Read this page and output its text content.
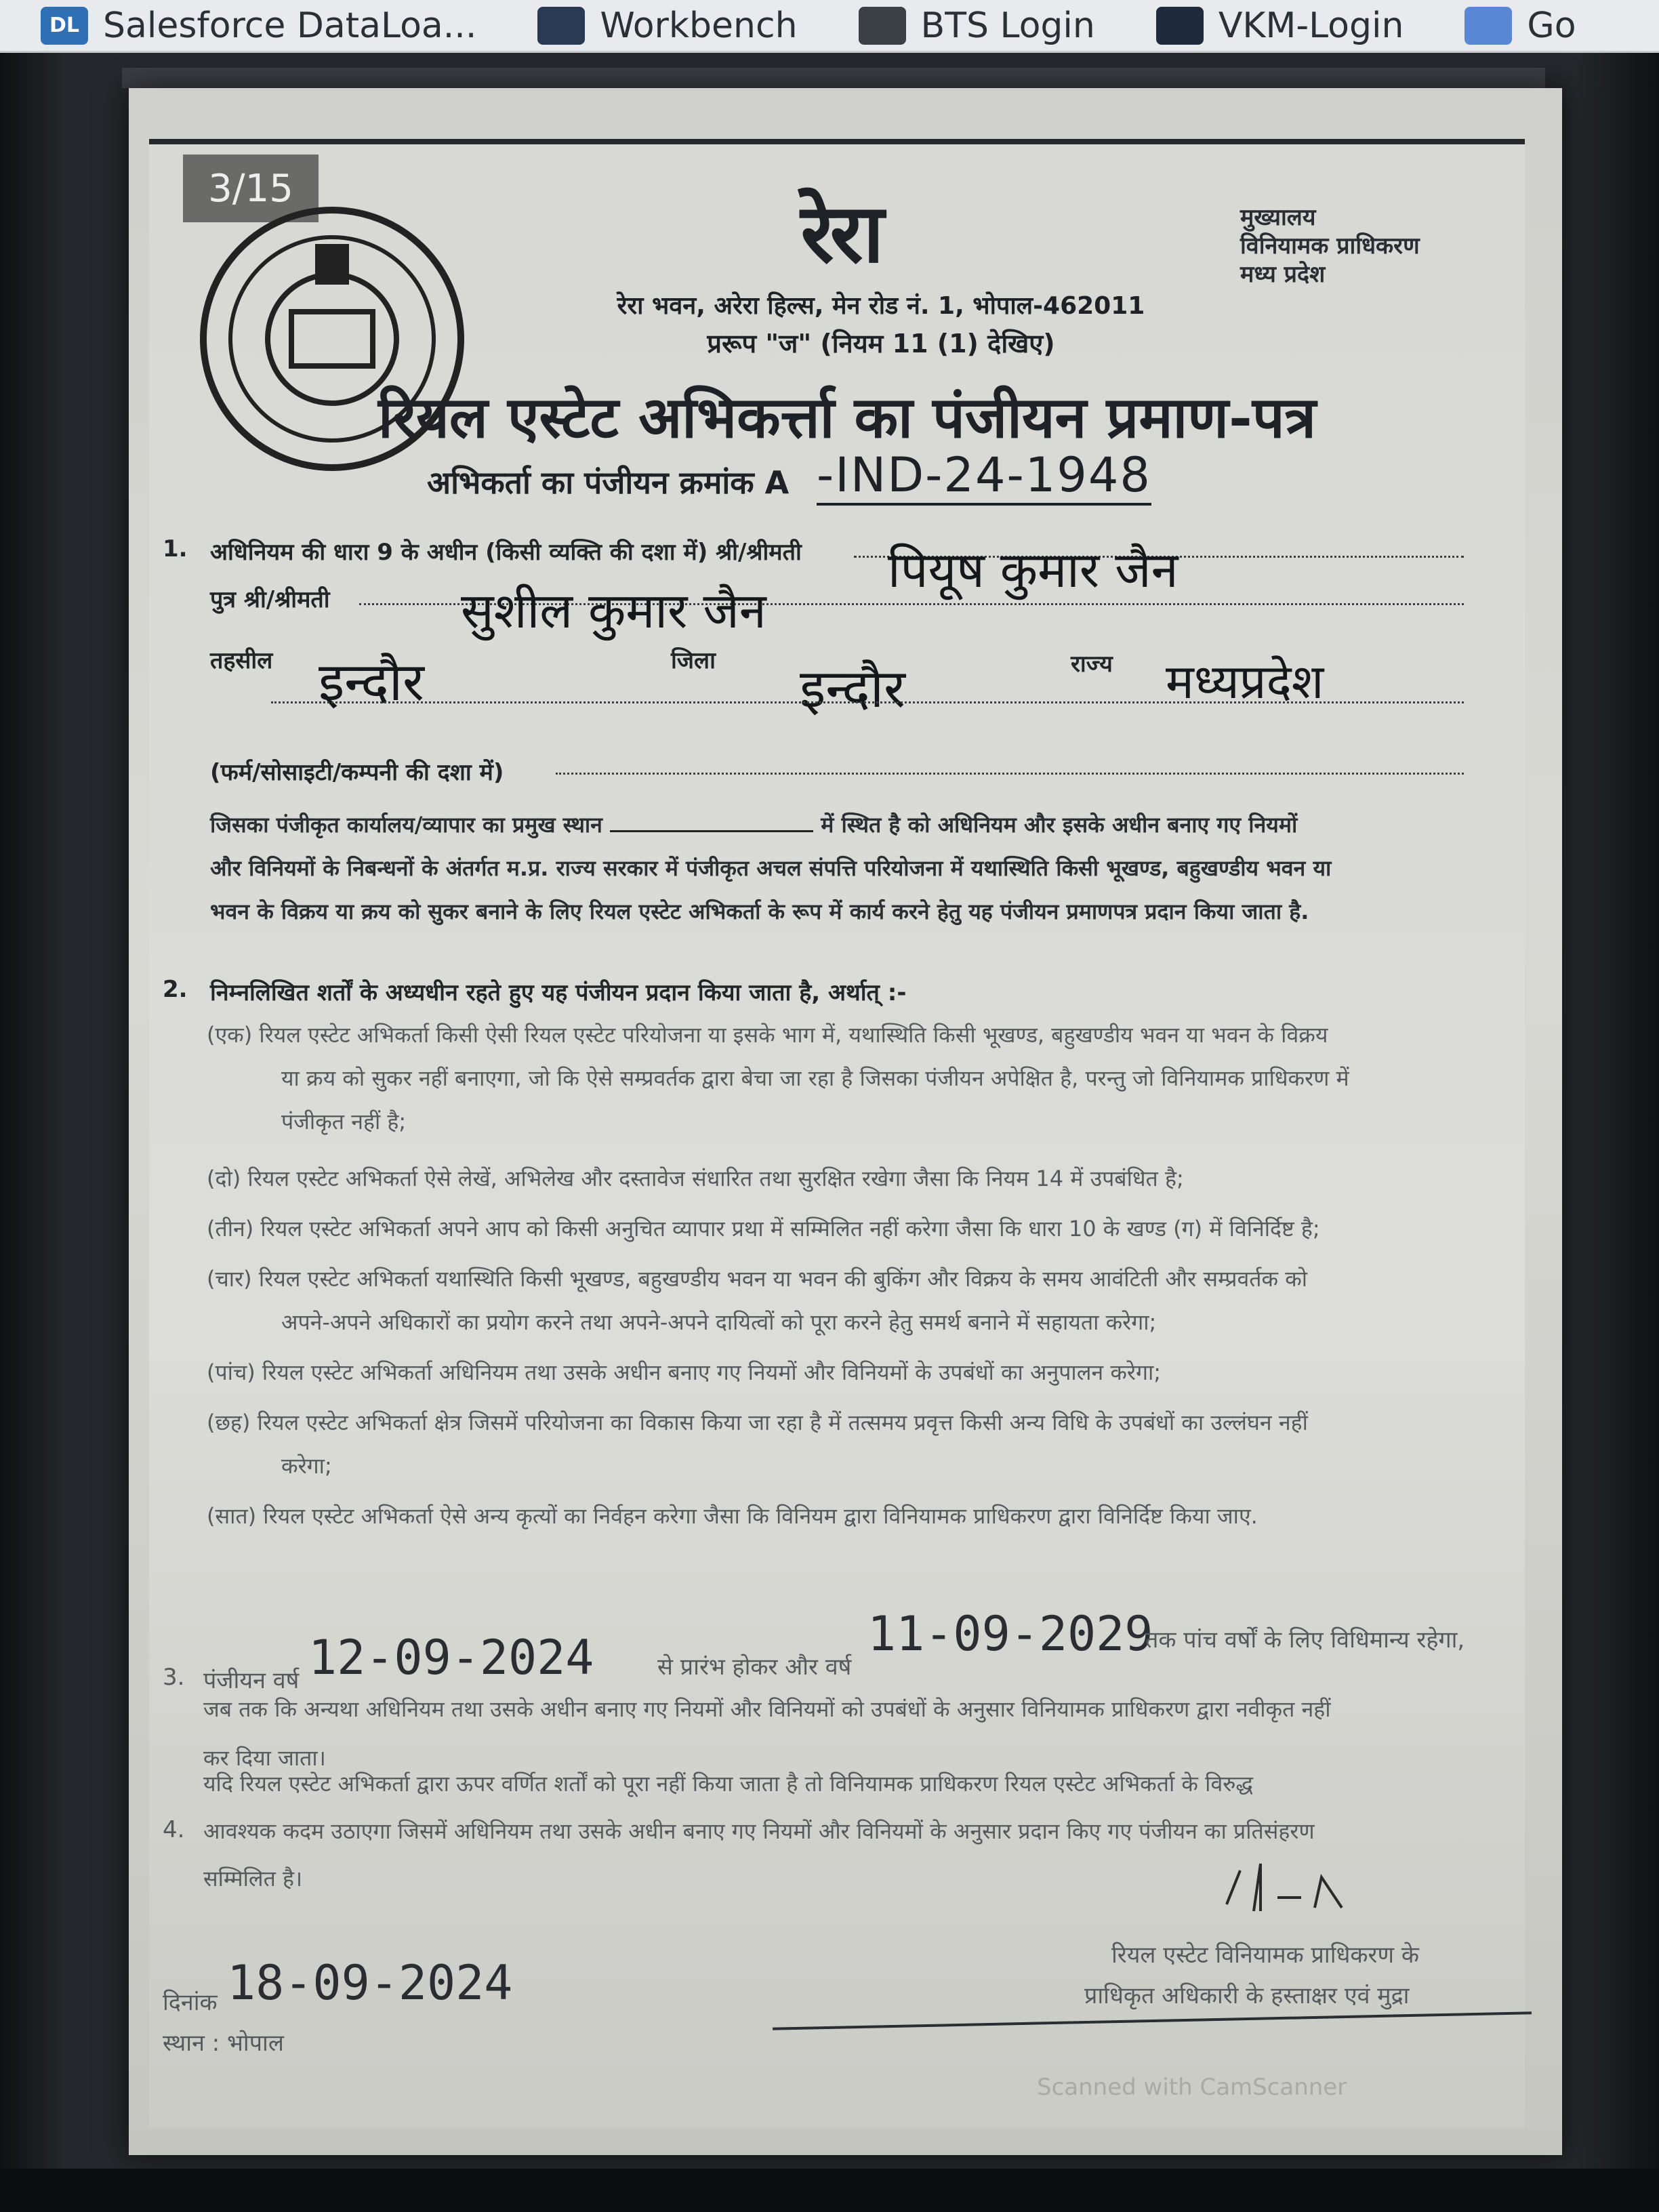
DL Salesforce DataLoa...	Workbench	BTS Login	VKM-Login	Go
3/15	रेरा	मुख्यालय
विनियामक प्राधिकरण
मध्य प्रदेश
रेरा भवन, अरेरा हिल्स, मेन रोड नं. 1, भोपाल-462011
प्ररूप "ज" (नियम 11 (1) देखिए)
रियल एस्टेट अभिकर्त्ता का पंजीयन प्रमाण-पत्र
अभिकर्ता का पंजीयन क्रमांक A -IND-24-1948
1. अधिनियम की धारा 9 के अधीन (किसी व्यक्ति की दशा में) श्री/श्रीमती पियूष कुमार जैन
पुत्र श्री/श्रीमती	सुशील कुमार जैन
तहसील इन्दौर	जिला इन्दौर	राज्य मध्यप्रदेश
(फर्म/सोसाइटी/कम्पनी की दशा में)
जिसका पंजीकृत कार्यालय/व्यापार का प्रमुख स्थान	में स्थित है को अधिनियम और इसके अधीन बनाए गए नियमों
और विनियमों के निबन्धनों के अंतर्गत म.प्र. राज्य सरकार में पंजीकृत अचल संपत्ति परियोजना में यथास्थिति किसी भूखण्ड, बहुखण्डीय भवन या
भवन के विक्रय या क्रय को सुकर बनाने के लिए रियल एस्टेट अभिकर्ता के रूप में कार्य करने हेतु यह पंजीयन प्रमाणपत्र प्रदान किया जाता है.
2. निम्नलिखित शर्तों के अध्यधीन रहते हुए यह पंजीयन प्रदान किया जाता है, अर्थात् :-
(एक) रियल एस्टेट अभिकर्ता किसी ऐसी रियल एस्टेट परियोजना या इसके भाग में, यथास्थिति किसी भूखण्ड, बहुखण्डीय भवन या भवन के विक्रय
या क्रय को सुकर नहीं बनाएगा, जो कि ऐसे सम्प्रवर्तक द्वारा बेचा जा रहा है जिसका पंजीयन अपेक्षित है, परन्तु जो विनियामक प्राधिकरण में
पंजीकृत नहीं है;
(दो) रियल एस्टेट अभिकर्ता ऐसे लेखें, अभिलेख और दस्तावेज संधारित तथा सुरक्षित रखेगा जैसा कि नियम 14 में उपबंधित है;
(तीन) रियल एस्टेट अभिकर्ता अपने आप को किसी अनुचित व्यापार प्रथा में सम्मिलित नहीं करेगा जैसा कि धारा 10 के खण्ड (ग) में विनिर्दिष्ट है;
(चार) रियल एस्टेट अभिकर्ता यथास्थिति किसी भूखण्ड, बहुखण्डीय भवन या भवन की बुकिंग और विक्रय के समय आवंटिती और सम्प्रवर्तक को
अपने-अपने अधिकारों का प्रयोग करने तथा अपने-अपने दायित्वों को पूरा करने हेतु समर्थ बनाने में सहायता करेगा;
(पांच) रियल एस्टेट अभिकर्ता अधिनियम तथा उसके अधीन बनाए गए नियमों और विनियमों के उपबंधों का अनुपालन करेगा;
(छह) रियल एस्टेट अभिकर्ता क्षेत्र जिसमें परियोजना का विकास किया जा रहा है में तत्समय प्रवृत्त किसी अन्य विधि के उपबंधों का उल्लंघन नहीं
करेगा;
(सात) रियल एस्टेट अभिकर्ता ऐसे अन्य कृत्यों का निर्वहन करेगा जैसा कि विनियम द्वारा विनियामक प्राधिकरण द्वारा विनिर्दिष्ट किया जाए.
3. पंजीयन वर्ष 12-09-2024	से प्रारंभ होकर और वर्ष
11-09-2029
तक पांच वर्षों के लिए विधिमान्य रहेगा,
जब तक कि अन्यथा अधिनियम तथा उसके अधीन बनाए गए नियमों और विनियमों को उपबंधों के अनुसार विनियामक प्राधिकरण द्वारा नवीकृत नहीं
कर दिया जाता।
4.
यदि रियल एस्टेट अभिकर्ता द्वारा ऊपर वर्णित शर्तों को पूरा नहीं किया जाता है तो विनियामक प्राधिकरण रियल एस्टेट अभिकर्ता के विरुद्ध
आवश्यक कदम उठाएगा जिसमें अधिनियम तथा उसके अधीन बनाए गए नियमों और विनियमों के अनुसार प्रदान किए गए पंजीयन का प्रतिसंहरण
सम्मिलित है।
रियल एस्टेट विनियामक प्राधिकरण के
प्राधिकृत अधिकारी के हस्ताक्षर एवं मुद्रा
दिनांक 18-09-2024
स्थान : भोपाल
Scanned with CamScanner
